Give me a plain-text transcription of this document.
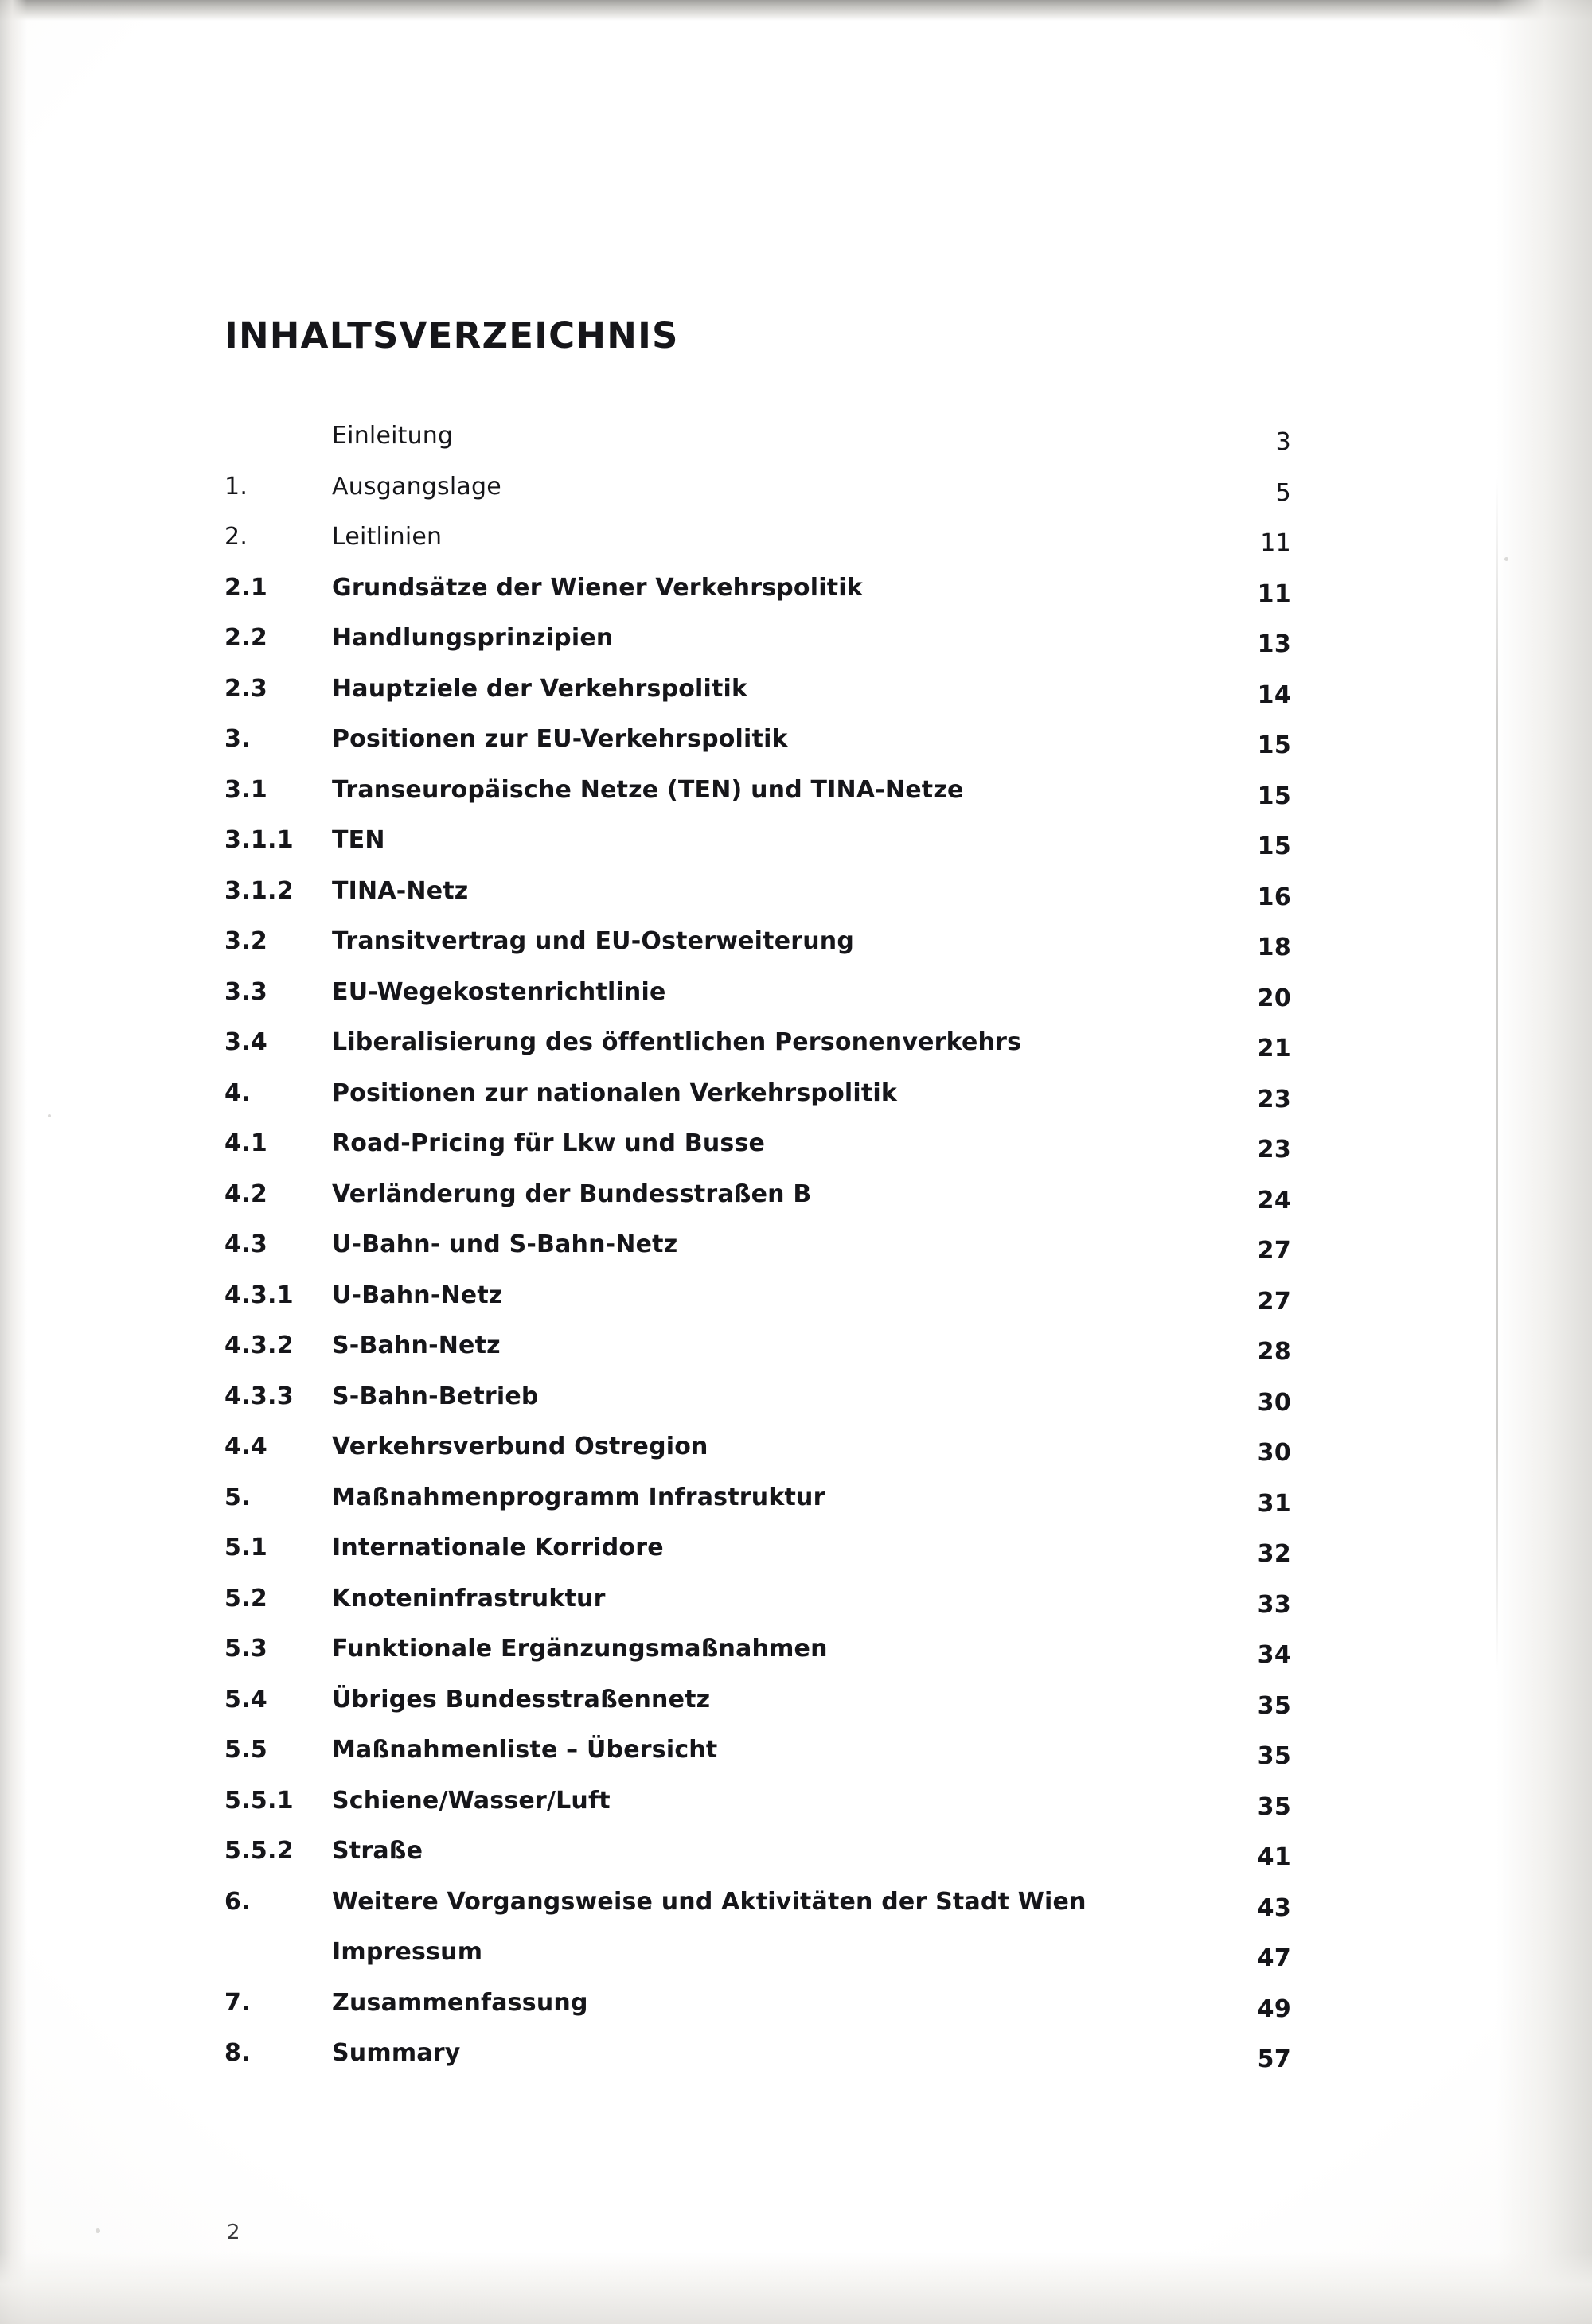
INHALTSVERZEICHNIS
Einleitung	3
1.	Ausgangslage	5
2.	Leitlinien	11
2.1	Grundsätze der Wiener Verkehrspolitik	11
2.2	Handlungsprinzipien	13
2.3	Hauptziele der Verkehrspolitik	14
3.	Positionen zur EU-Verkehrspolitik	15
3.1	Transeuropäische Netze (TEN) und TINA-Netze	15
3.1.1	TEN	15
3.1.2	TINA-Netz	16
3.2	Transitvertrag und EU-Osterweiterung	18
3.3	EU-Wegekostenrichtlinie	20
3.4	Liberalisierung des öffentlichen Personenverkehrs	21
4.	Positionen zur nationalen Verkehrspolitik	23
4.1	Road-Pricing für Lkw und Busse	23
4.2	Verländerung der Bundesstraßen B	24
4.3	U-Bahn- und S-Bahn-Netz	27
4.3.1	U-Bahn-Netz	27
4.3.2	S-Bahn-Netz	28
4.3.3	S-Bahn-Betrieb	30
4.4	Verkehrsverbund Ostregion	30
5.	Maßnahmenprogramm Infrastruktur	31
5.1	Internationale Korridore	32
5.2	Knoteninfrastruktur	33
5.3	Funktionale Ergänzungsmaßnahmen	34
5.4	Übriges Bundesstraßennetz	35
5.5	Maßnahmenliste – Übersicht	35
5.5.1	Schiene/Wasser/Luft	35
5.5.2	Straße	41
6.	Weitere Vorgangsweise und Aktivitäten der Stadt Wien	43
Impressum	47
7.	Zusammenfassung	49
8.	Summary	57
2
